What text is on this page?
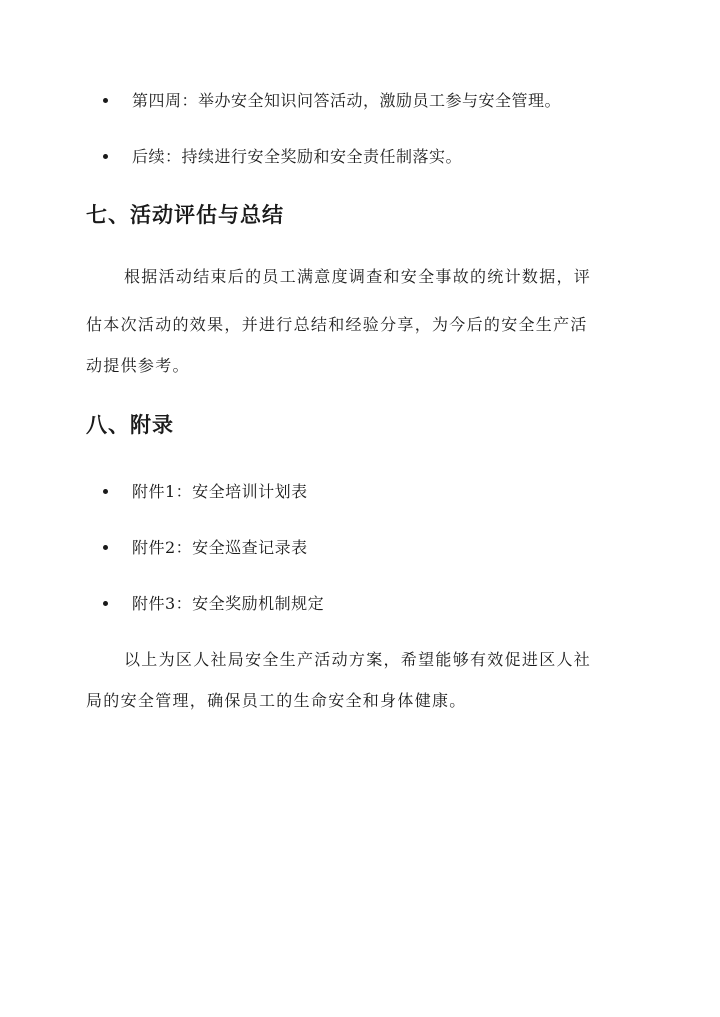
第四周：举办安全知识问答活动，激励员工参与安全管理。
后续：持续进行安全奖励和安全责任制落实。
七、活动评估与总结
根据活动结束后的员工满意度调查和安全事故的统计数据，评
估本次活动的效果，并进行总结和经验分享，为今后的安全生产活
动提供参考。
八、附录
附件1：安全培训计划表
附件2：安全巡查记录表
附件3：安全奖励机制规定
以上为区人社局安全生产活动方案，希望能够有效促进区人社
局的安全管理，确保员工的生命安全和身体健康。
